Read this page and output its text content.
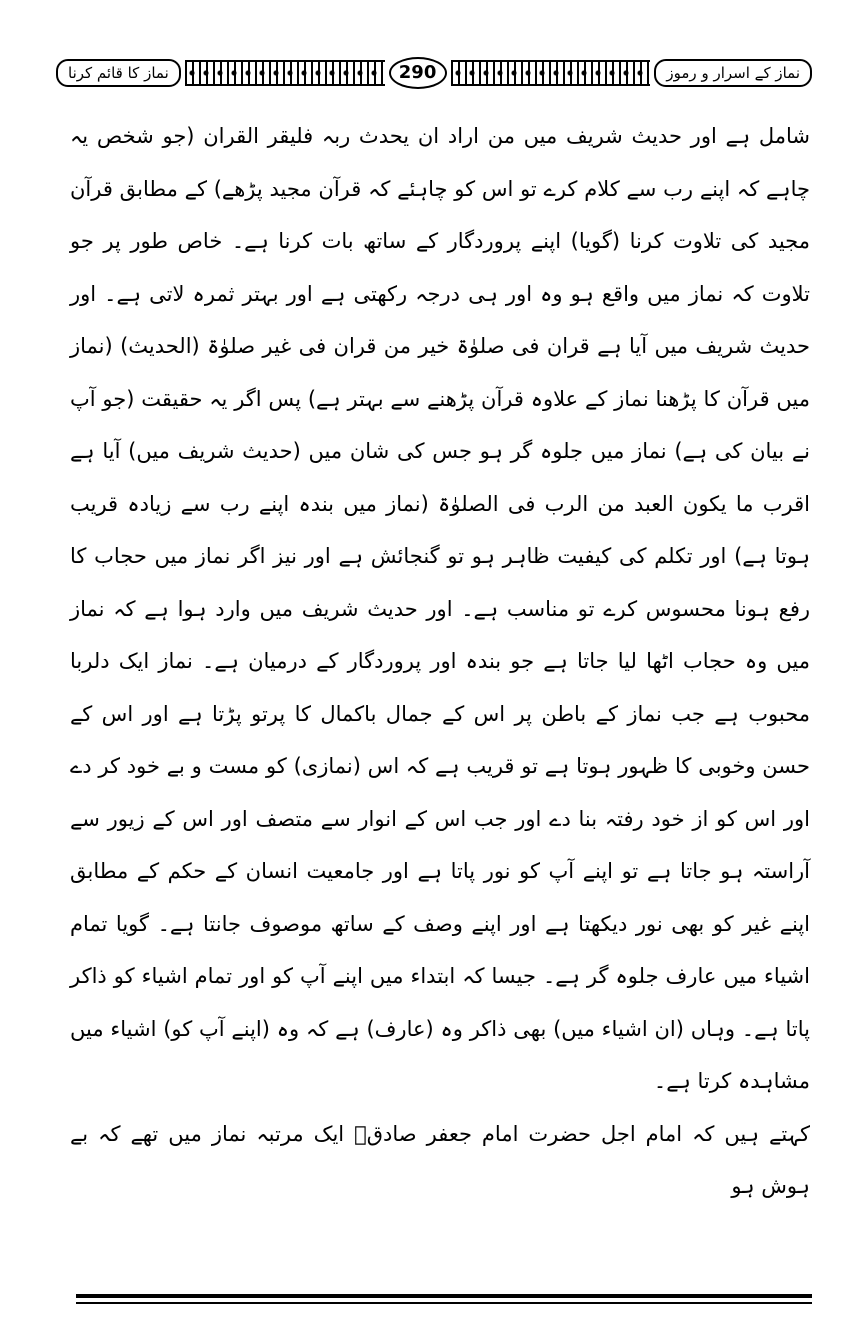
نماز کا قائم کرنا	290	نماز کے اسرار و رموز

شامل ہے اور حدیث شریف میں من اراد ان یحدث ربہ فلیقر القران (جو شخص یہ چاہے کہ اپنے رب سے کلام کرے تو اس کو چاہئے کہ قرآن مجید پڑھے) کے مطابق قرآن مجید کی تلاوت کرنا (گویا) اپنے پروردگار کے ساتھ بات کرنا ہے۔ خاص طور پر جو تلاوت کہ نماز میں واقع ہو وہ اور ہی درجہ رکھتی ہے اور بہتر ثمرہ لاتی ہے۔ اور حدیث شریف میں آیا ہے قران فی صلوٰۃ خیر من قران فی غیر صلوٰۃ (الحدیث) (نماز میں قرآن کا پڑھنا نماز کے علاوہ قرآن پڑھنے سے بہتر ہے) پس اگر یہ حقیقت (جو آپ نے بیان کی ہے) نماز میں جلوہ گر ہو جس کی شان میں (حدیث شریف میں) آیا ہے اقرب ما یکون العبد من الرب فی الصلوٰۃ (نماز میں بندہ اپنے رب سے زیادہ قریب ہوتا ہے) اور تکلم کی کیفیت ظاہر ہو تو گنجائش ہے اور نیز اگر نماز میں حجاب کا رفع ہونا محسوس کرے تو مناسب ہے۔ اور حدیث شریف میں وارد ہوا ہے کہ نماز میں وہ حجاب اٹھا لیا جاتا ہے جو بندہ اور پروردگار کے درمیان ہے۔ نماز ایک دلربا محبوب ہے جب نماز کے باطن پر اس کے جمال باکمال کا پرتو پڑتا ہے اور اس کے حسن وخوبی کا ظہور ہوتا ہے تو قریب ہے کہ اس (نمازی) کو مست و بے خود کر دے اور اس کو از خود رفتہ بنا دے اور جب اس کے انوار سے متصف اور اس کے زیور سے آراستہ ہو جاتا ہے تو اپنے آپ کو نور پاتا ہے اور جامعیت انسان کے حکم کے مطابق اپنے غیر کو بھی نور دیکھتا ہے اور اپنے وصف کے ساتھ موصوف جانتا ہے۔ گویا تمام اشیاء میں عارف جلوہ گر ہے۔ جیسا کہ ابتداء میں اپنے آپ کو اور تمام اشیاء کو ذاکر پاتا ہے۔ وہاں (ان اشیاء میں) بھی ذاکر وہ (عارف) ہے کہ وہ (اپنے آپ کو) اشیاء میں مشاہدہ کرتا ہے۔

کہتے ہیں کہ امام اجل حضرت امام جعفر صادقؓ ایک مرتبہ نماز میں تھے کہ بے ہوش ہو
